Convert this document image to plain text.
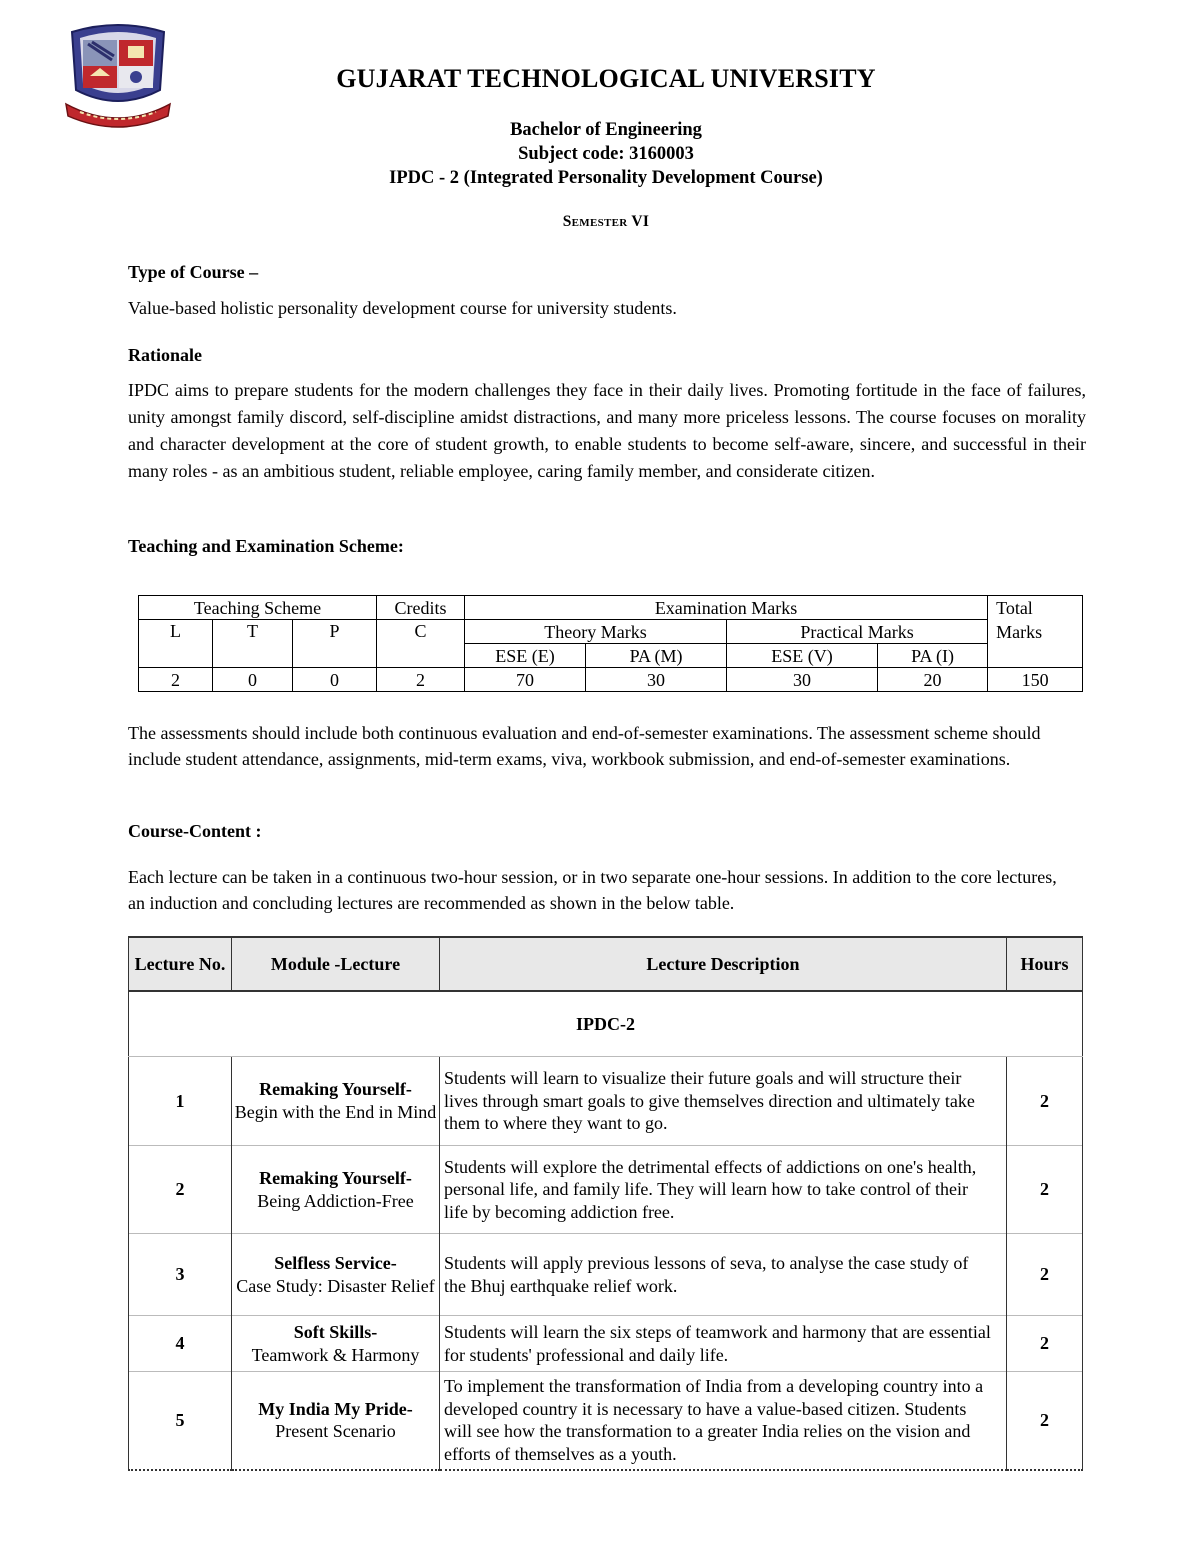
GUJARAT TECHNOLOGICAL UNIVERSITY
Bachelor of Engineering
Subject code: 3160003
IPDC - 2 (Integrated Personality Development Course)
Semester VI
Type of Course –

Value-based holistic personality development course for university students.

Rationale

IPDC aims to prepare students for the modern challenges they face in their daily lives. Promoting fortitude in the face of failures, unity amongst family discord, self-discipline amidst distractions, and many more priceless lessons. The course focuses on morality and character development at the core of student growth, to enable students to become self-aware, sincere, and successful in their many roles - as an ambitious student, reliable employee, caring family member, and considerate citizen.

Teaching and Examination Scheme:
Teaching Scheme			Credits	Examination Marks				Total Marks
L	T	P	C	Theory Marks		Practical Marks		
				ESE (E)	PA (M)	ESE (V)	PA (I)	
2	0	0	2	70	30	30	20	150

The assessments should include both continuous evaluation and end-of-semester examinations. The assessment scheme should include student attendance, assignments, mid-term exams, viva, workbook submission, and end-of-semester examinations.

Course-Content :

Each lecture can be taken in a continuous two-hour session, or in two separate one-hour sessions. In addition to the core lectures, an induction and concluding lectures are recommended as shown in the below table.

Lecture No.	Module -Lecture	Lecture Description	Hours
IPDC-2			
1	Remaking Yourself-
Begin with the End in Mind	Students will learn to visualize their future goals and will structure their lives through smart goals to give themselves direction and ultimately take them to where they want to go.	2
2	Remaking Yourself-
Being Addiction-Free	Students will explore the detrimental effects of addictions on one's health, personal life, and family life. They will learn how to take control of their life by becoming addiction free.	2
3	Selfless Service-
Case Study: Disaster Relief	Students will apply previous lessons of seva, to analyse the case study of the Bhuj earthquake relief work.	2
4	Soft Skills-
Teamwork & Harmony	Students will learn the six steps of teamwork and harmony that are essential for students' professional and daily life.	2
5	My India My Pride-
Present Scenario	To implement the transformation of India from a developing country into a developed country it is necessary to have a value-based citizen. Students will see how the transformation to a greater India relies on the vision and efforts of themselves as a youth.	2
